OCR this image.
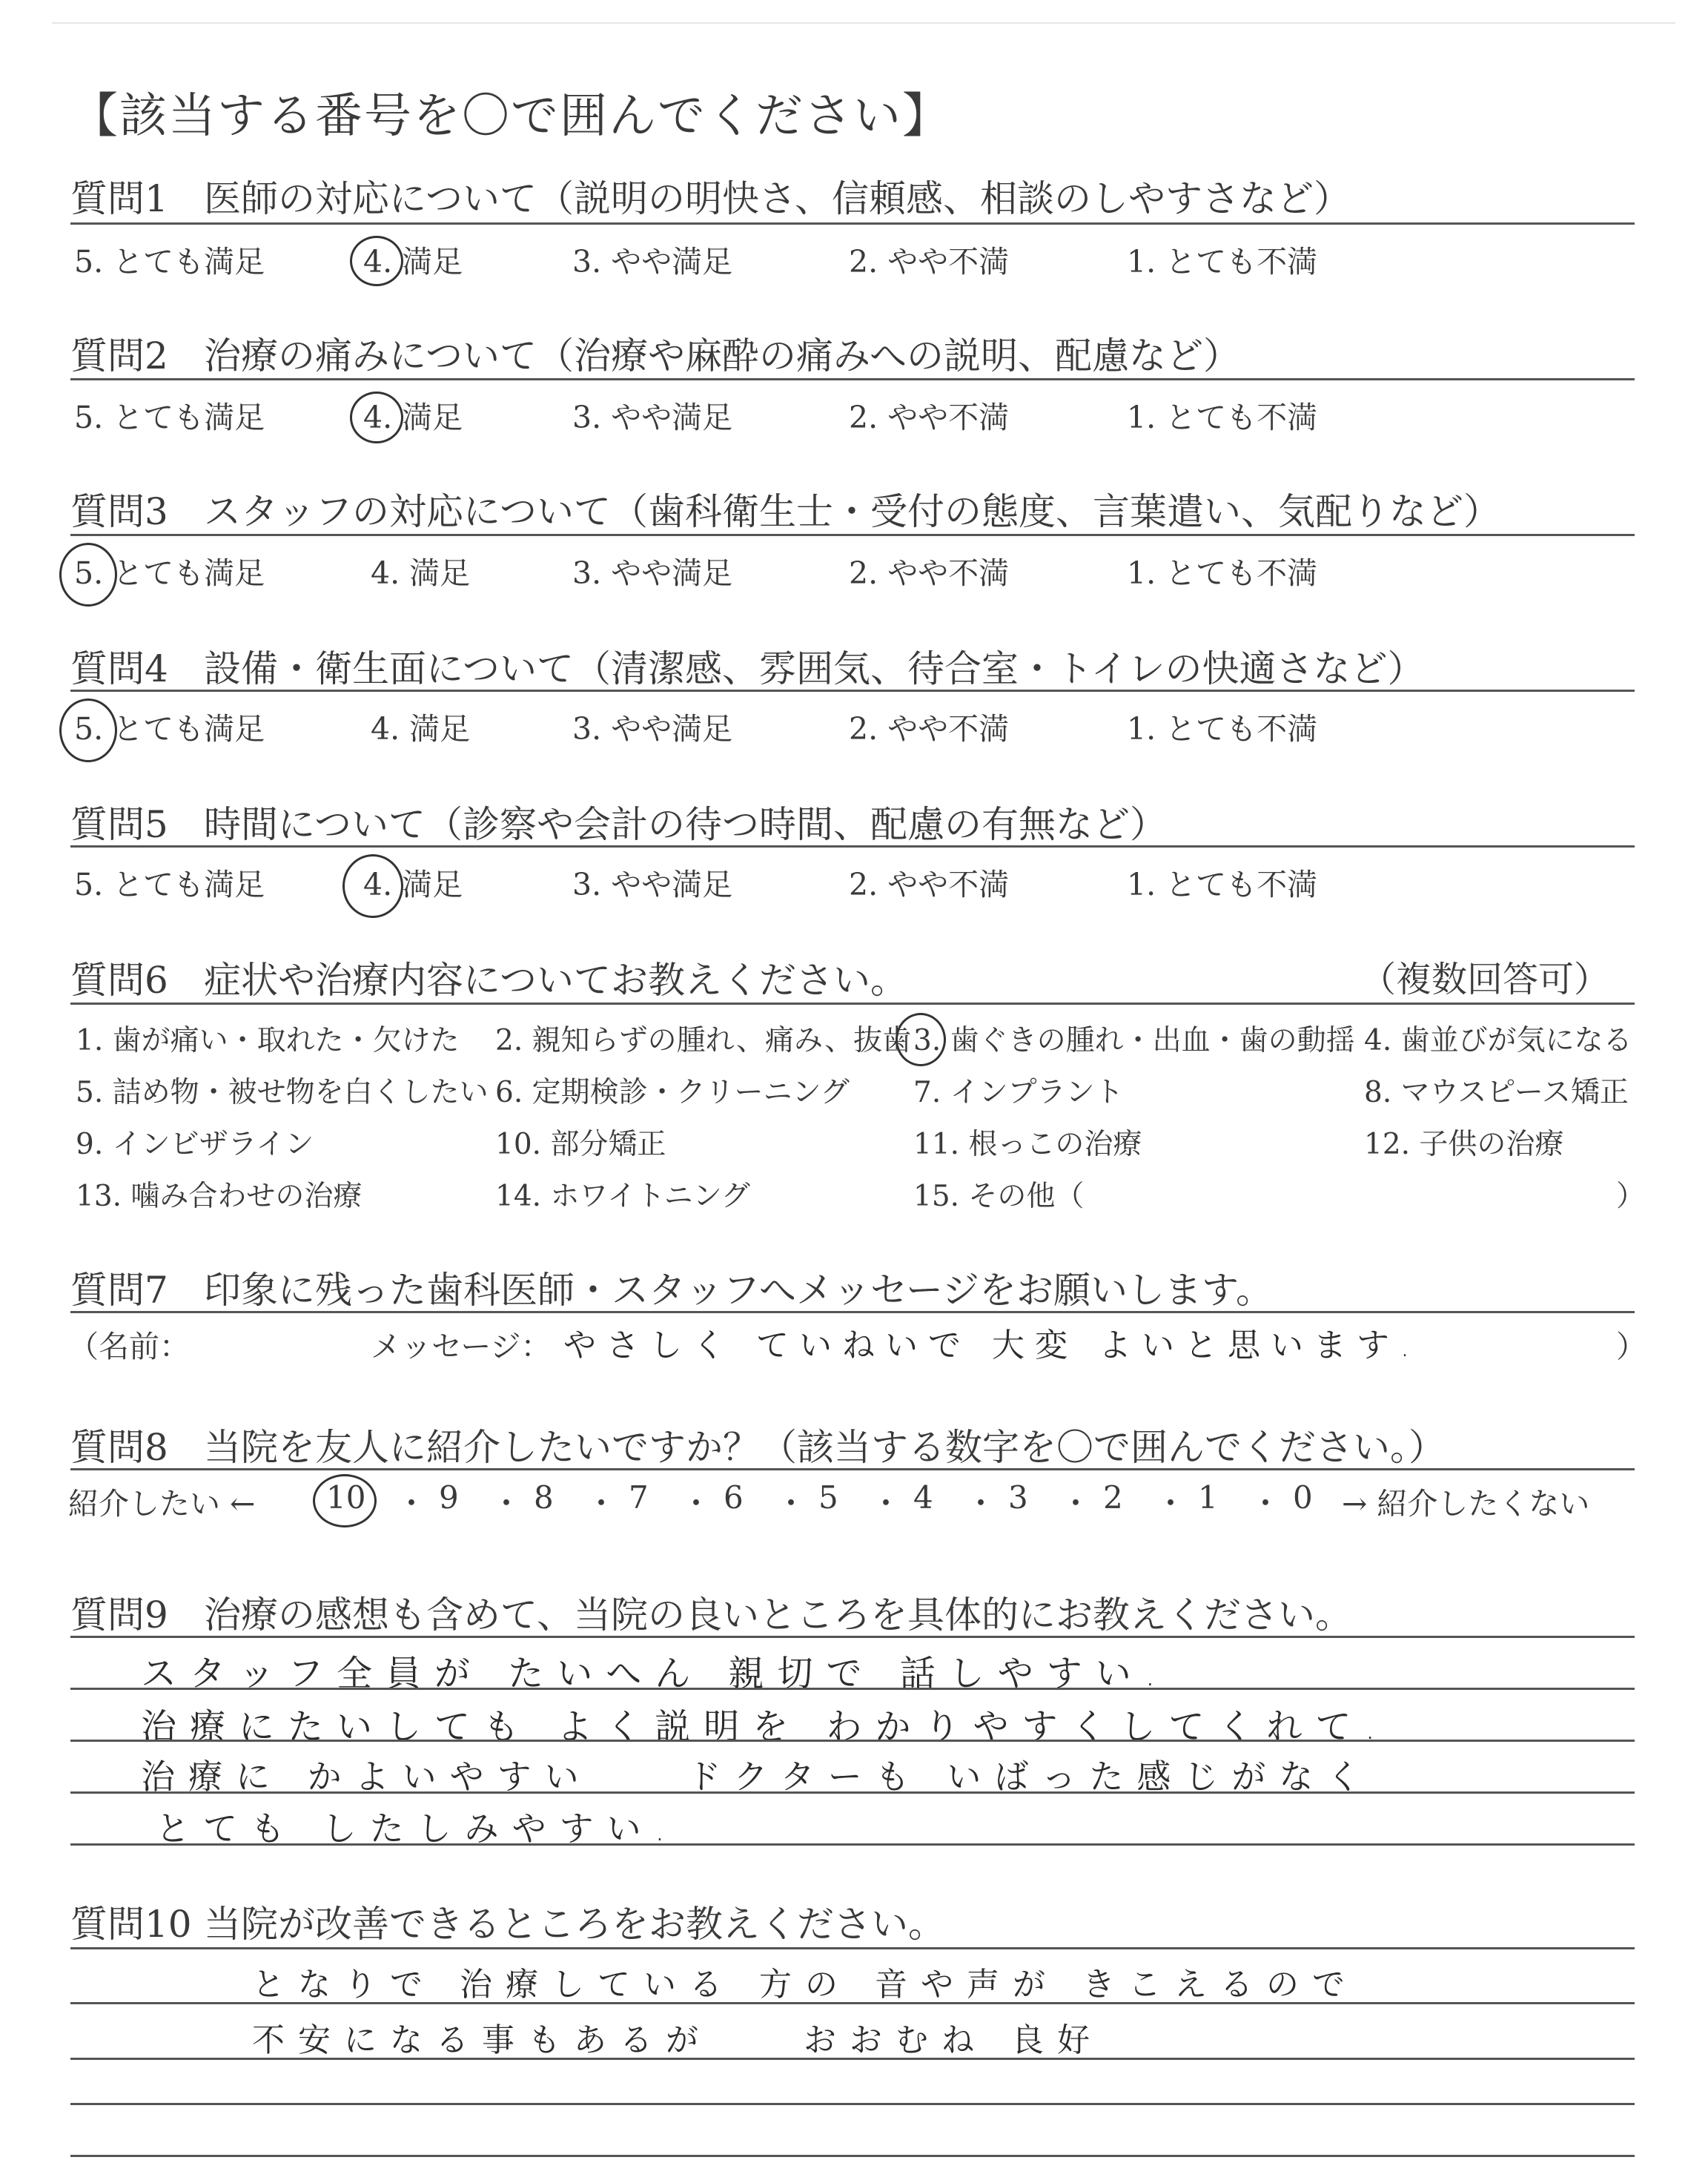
【該当する番号を〇で囲んでください】
質問1 医師の対応について（説明の明快さ、信頼感、相談のしやすさなど）
5. とても満足	4. 満足	3. やや満足	2. やや不満	1. とても不満
質問2 治療の痛みについて（治療や麻酔の痛みへの説明、配慮など）
5. とても満足	4. 満足	3. やや満足	2. やや不満	1. とても不満
質問3 スタッフの対応について（歯科衛生士・受付の態度、言葉遣い、気配りなど）
5. とても満足	4. 満足	3. やや満足	2. やや不満	1. とても不満
質問4 設備・衛生面について（清潔感、雰囲気、待合室・トイレの快適さなど）
5. とても満足	4. 満足	3. やや満足	2. やや不満	1. とても不満
質問5 時間について（診察や会計の待つ時間、配慮の有無など）
5. とても満足	4. 満足	3. やや満足	2. やや不満	1. とても不満
質問6 症状や治療内容についてお教えください。	（複数回答可）
1. 歯が痛い・取れた・欠けた 2. 親知らずの腫れ、痛み、抜歯 3. 歯ぐきの腫れ・出血・歯の動揺 4. 歯並びが気になる
5. 詰め物・被せ物を白くしたい 6. 定期検診・クリーニング 7. インプラント	8. マウスピース矯正
9. インビザライン	10. 部分矯正	11. 根っこの治療	12. 子供の治療
13. 噛み合わせの治療	14. ホワイトニング	15. その他（	）
質問7 印象に残った歯科医師・スタッフへメッセージをお願いします。
（名前：	メッセージ： やさしく ていねいで 大変 よいと思います.	）
質問8 当院を友人に紹介したいですか？（該当する数字を〇で囲んでください。）
紹介したい ← 10 ・ 9 ・ 8 ・ 7 ・ 6 ・ 5 ・ 4 ・ 3 ・ 2 ・ 1 ・ 0 → 紹介したくない
質問9 治療の感想も含めて、当院の良いところを具体的にお教えください。
スタッフ全員が たいへん 親切で 話しやすい.
治療にたいしても よく説明を わかりやすくしてくれて.
治療に かよいやすい　　ドクターも いばった感じがなく
とても したしみやすい.
質問10 当院が改善できるところをお教えください。
となりで 治療している 方の 音や声が きこえるので
不安になる事もあるが　　おおむね 良好
